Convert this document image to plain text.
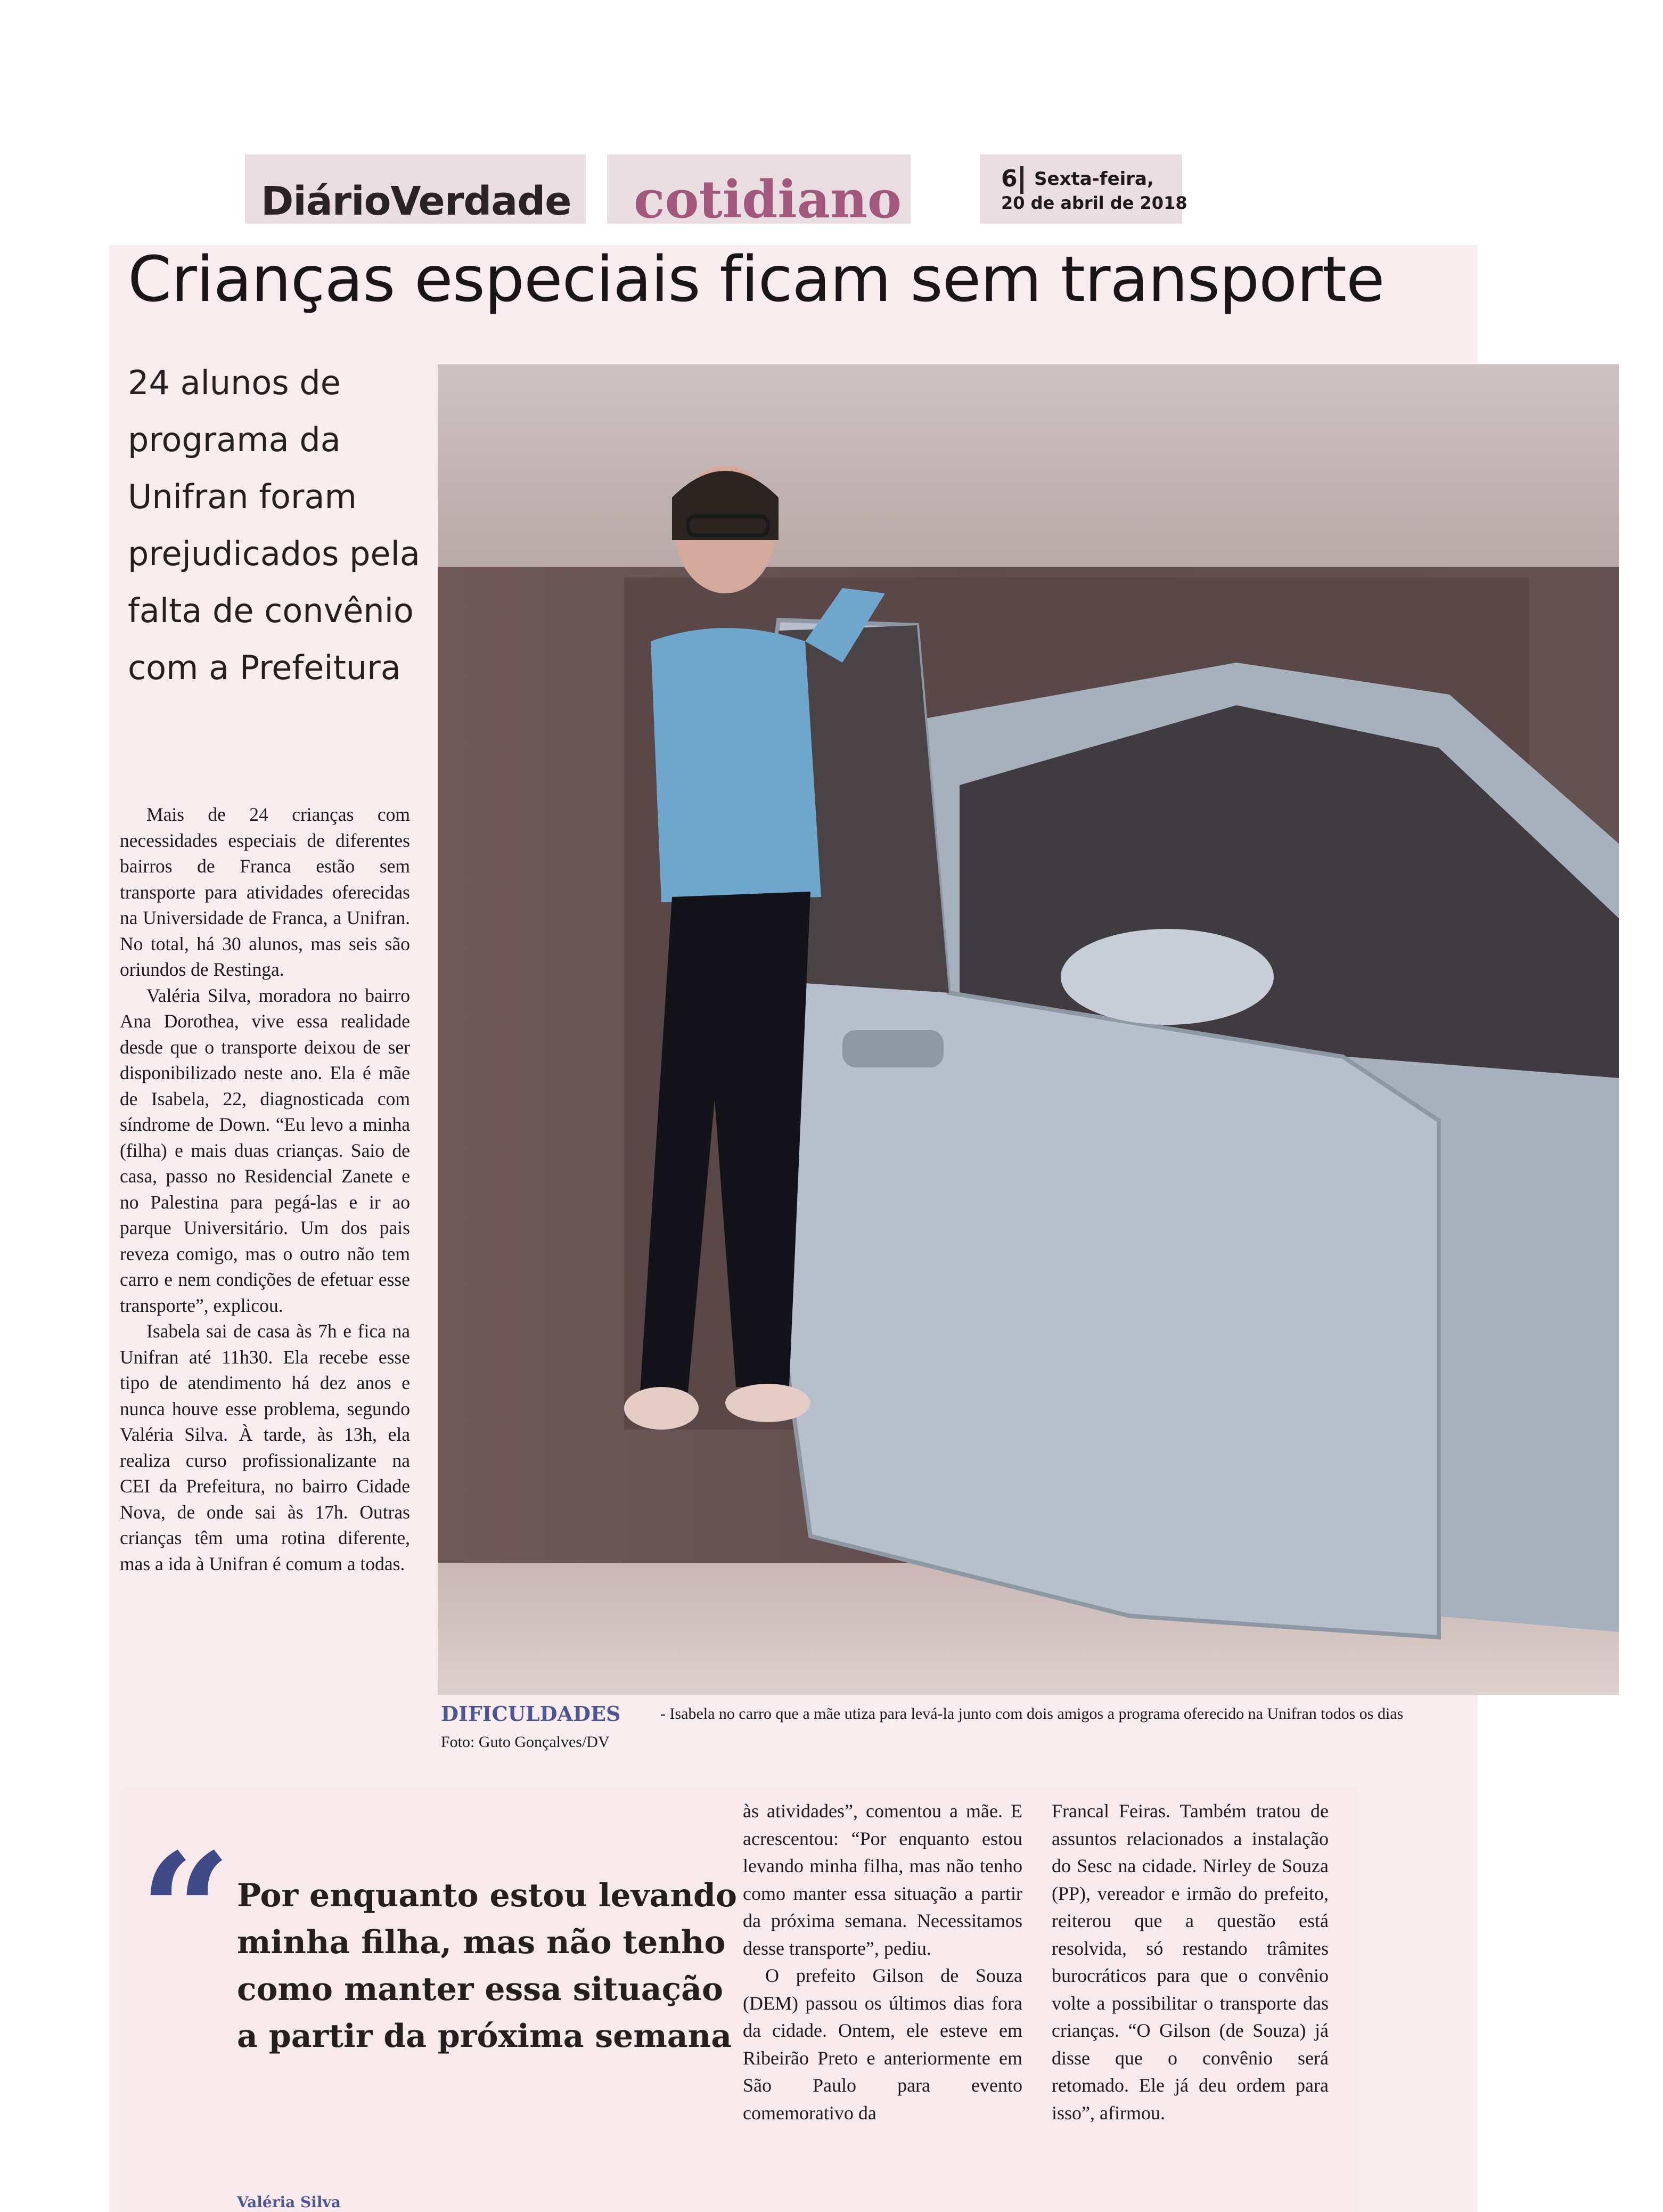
DiárioVerdade cotidiano	6 Sexta-feira,
20 de abril de 2018
Crianças especiais ficam sem transporte
24 alunos de programa da Unifran foram prejudicados pela falta de convênio com a Prefeitura

Mais de 24 crianças com necessidades especiais de diferentes bairros de Franca estão sem transporte para atividades oferecidas na Universidade de Franca, a Unifran. No total, há 30 alunos, mas seis são oriundos de Restinga.

Valéria Silva, moradora no bairro Ana Dorothea, vive essa realidade desde que o transporte deixou de ser disponibilizado neste ano. Ela é mãe de Isabela, 22, diagnosticada com síndrome de Down. “Eu levo a minha (filha) e mais duas crianças. Saio de casa, passo no Residencial Zanete e no Palestina para pegá-las e ir ao parque Universitário. Um dos pais reveza comigo, mas o outro não tem carro e nem condições de efetuar esse transporte”, explicou.

Isabela sai de casa às 7h e fica na Unifran até 11h30. Ela recebe esse tipo de atendimento há dez anos e nunca houve esse problema, segundo Valéria Silva. À tarde, às 13h, ela realiza curso profissionalizante na CEI da Prefeitura, no bairro Cidade Nova, de onde sai às 17h. Outras crianças têm uma rotina diferente, mas a ida à Unifran é comum a todas.

DIFICULDADES - Isabela no carro que a mãe utiza para levá-la junto com dois amigos a programa oferecido na Unifran todos os dias
Foto: Guto Gonçalves/DV
“ Por enquanto estou levando minha filha, mas não tenho como manter essa situação a partir da próxima semana
Valéria Silva

às atividades”, comentou a mãe. E acrescentou: “Por enquanto estou levando minha filha, mas não tenho como manter essa situação a partir da próxima semana. Necessitamos desse transporte”, pediu.

O prefeito Gilson de Souza (DEM) passou os últimos dias fora da cidade. Ontem, ele esteve em Ribeirão Preto e anteriormente em São Paulo para evento comemorativo da

Francal Feiras. Também tratou de assuntos relacionados a instalação do Sesc na cidade. Nirley de Souza (PP), vereador e irmão do prefeito, reiterou que a questão está resolvida, só restando trâmites burocráticos para que o convênio volte a possibilitar o transporte das crianças. “O Gilson (de Souza) já disse que o convênio será retomado. Ele já deu ordem para isso”, afirmou.
